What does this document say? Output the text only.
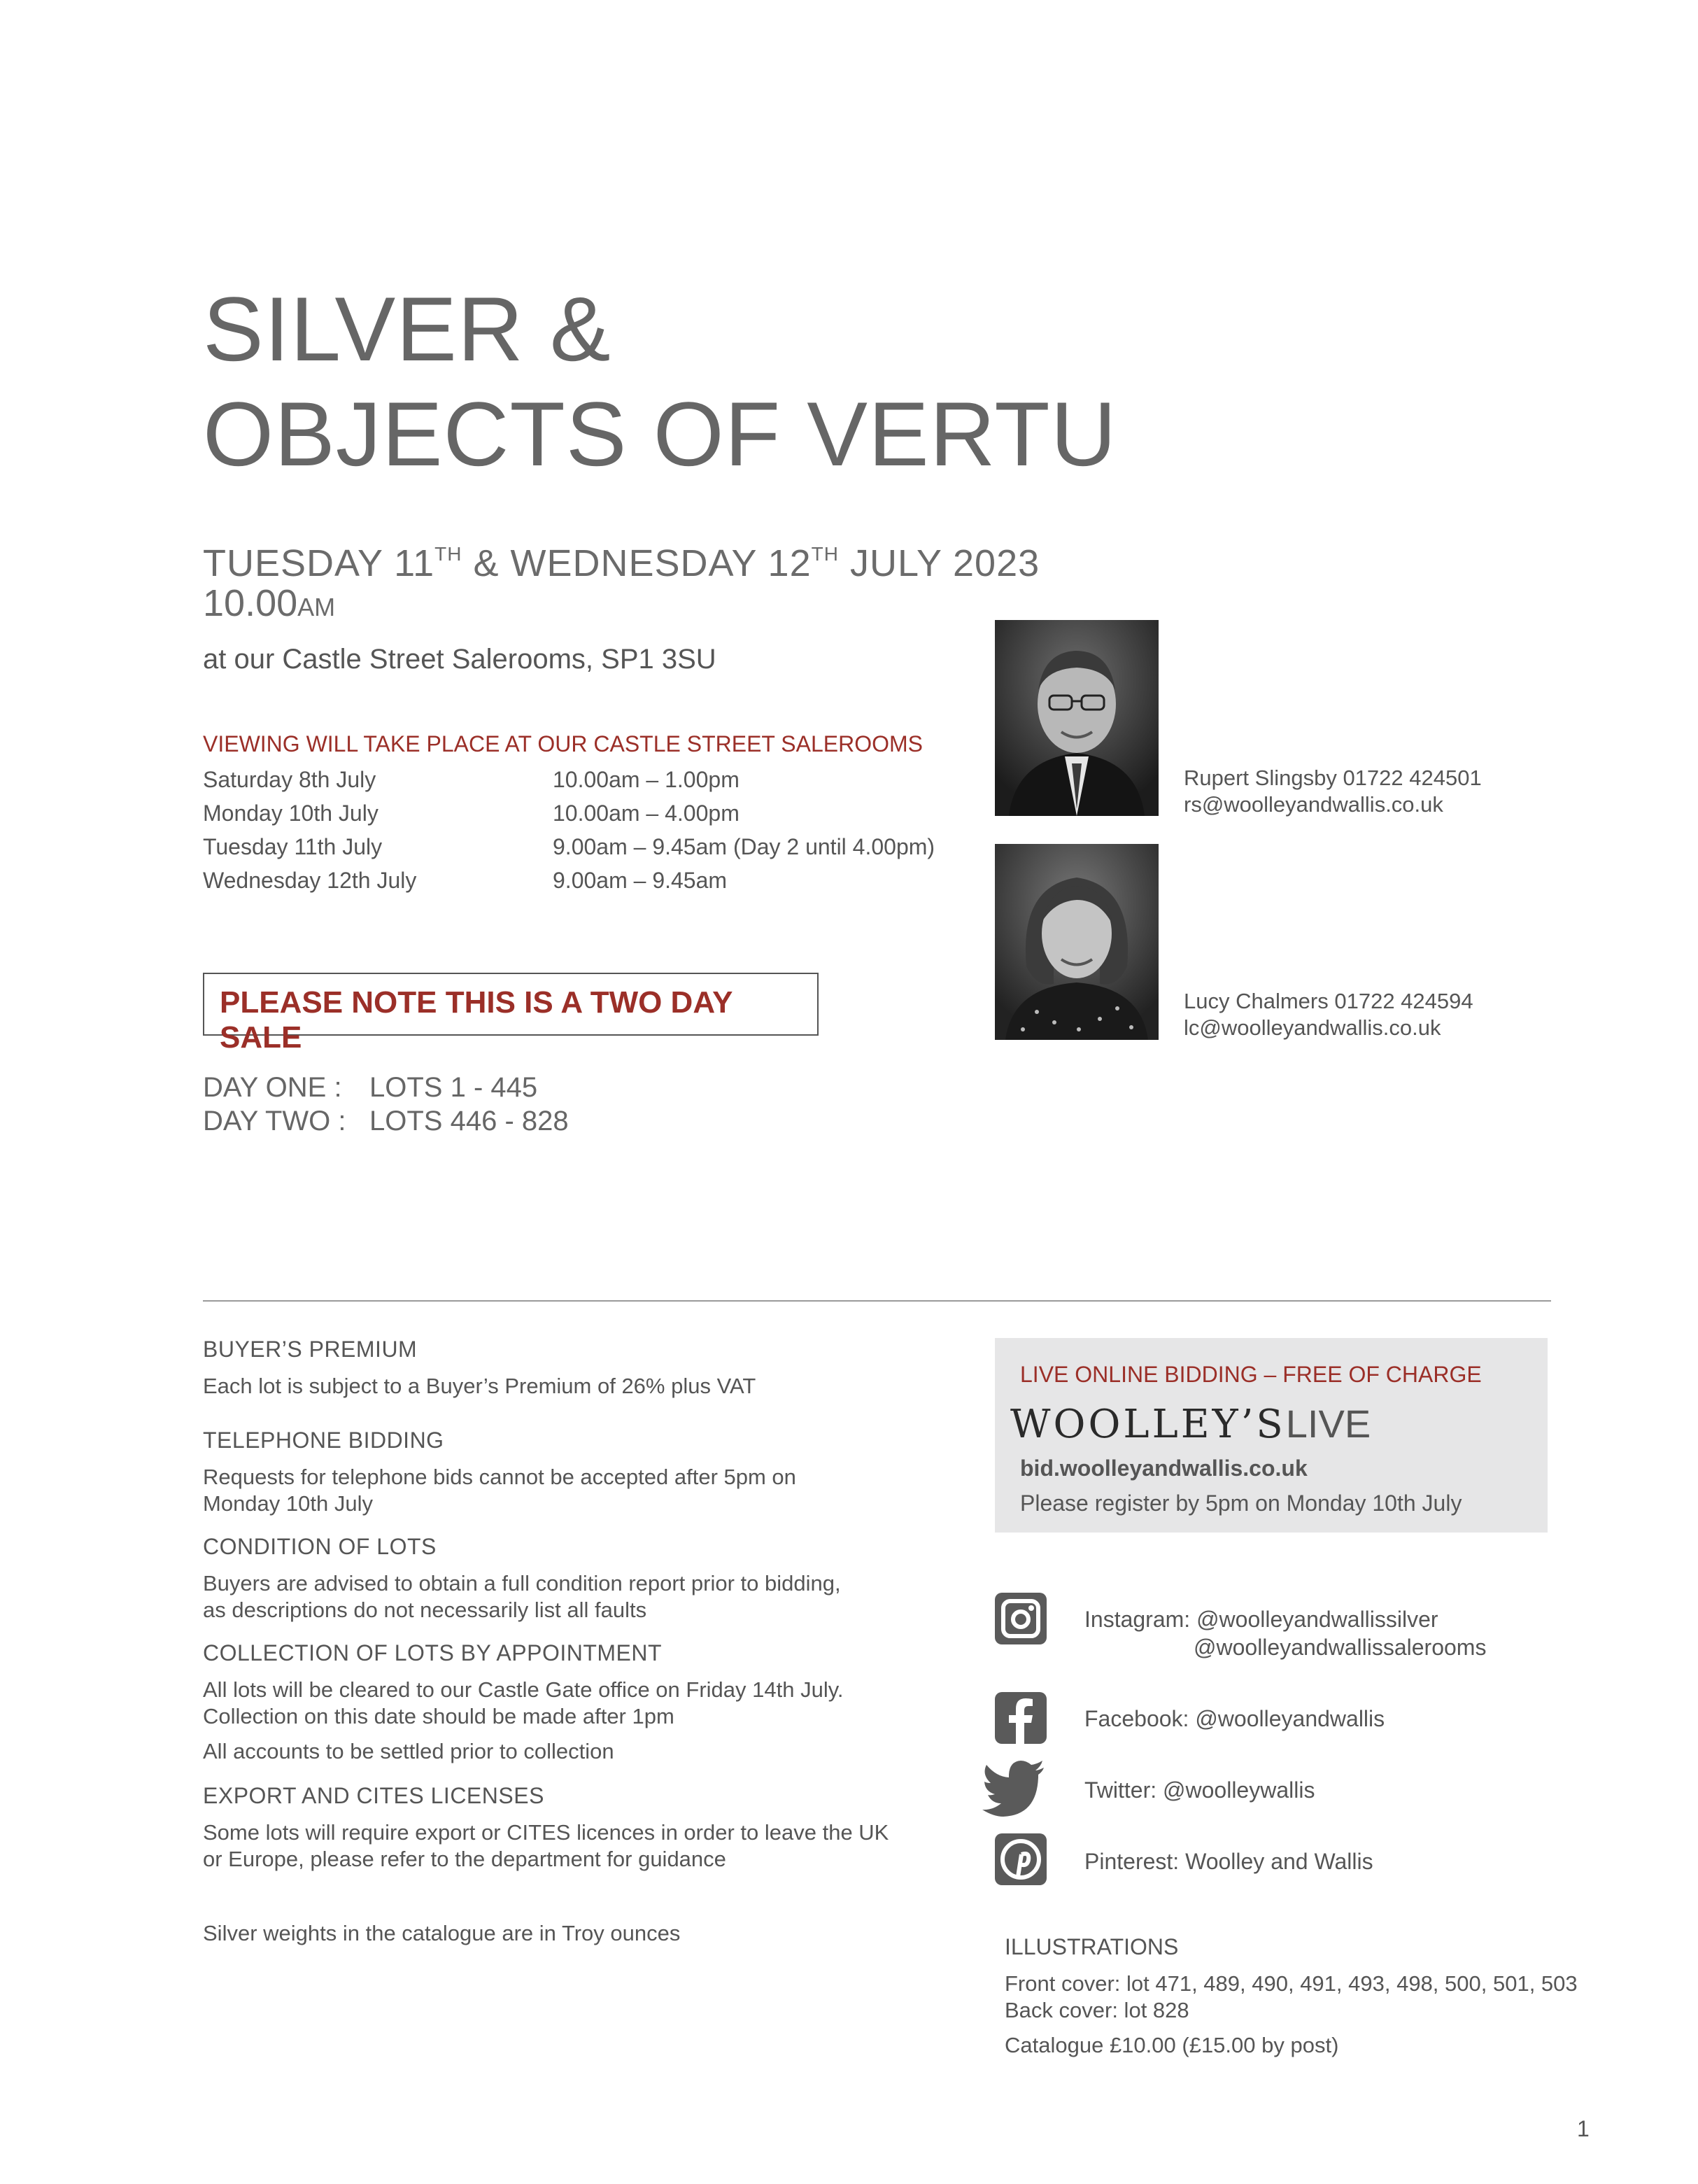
SILVER &
OBJECTS OF VERTU
TUESDAY 11TH & WEDNESDAY 12TH JULY 2023
10.00AM
at our Castle Street Salerooms, SP1 3SU
VIEWING WILL TAKE PLACE AT OUR CASTLE STREET SALEROOMS
Saturday 8th July	10.00am – 1.00pm
Monday 10th July	10.00am – 4.00pm
Tuesday 11th July	9.00am – 9.45am (Day 2 until 4.00pm)
Wednesday 12th July	9.00am – 9.45am
PLEASE NOTE THIS IS A TWO DAY SALE
DAY ONE : LOTS 1 - 445
DAY TWO : LOTS 446 - 828
Rupert Slingsby 01722 424501
rs@woolleyandwallis.co.uk
Lucy Chalmers 01722 424594
lc@woolleyandwallis.co.uk
BUYER’S PREMIUM
Each lot is subject to a Buyer’s Premium of 26% plus VAT
TELEPHONE BIDDING
Requests for telephone bids cannot be accepted after 5pm on
Monday 10th July
CONDITION OF LOTS
Buyers are advised to obtain a full condition report prior to bidding,
as descriptions do not necessarily list all faults
COLLECTION OF LOTS BY APPOINTMENT
All lots will be cleared to our Castle Gate office on Friday 14th July.
Collection on this date should be made after 1pm
All accounts to be settled prior to collection
EXPORT AND CITES LICENSES
Some lots will require export or CITES licences in order to leave the UK
or Europe, please refer to the department for guidance
Silver weights in the catalogue are in Troy ounces
LIVE ONLINE BIDDING – FREE OF CHARGE
WOOLLEY’SLIVE
bid.woolleyandwallis.co.uk
Please register by 5pm on Monday 10th July
Instagram: @woolleyandwallissilver
@woolleyandwallissalerooms
Facebook: @woolleyandwallis
Twitter: @woolleywallis
Pinterest: Woolley and Wallis
ILLUSTRATIONS
Front cover: lot 471, 489, 490, 491, 493, 498, 500, 501, 503
Back cover: lot 828
Catalogue £10.00 (£15.00 by post)
1
